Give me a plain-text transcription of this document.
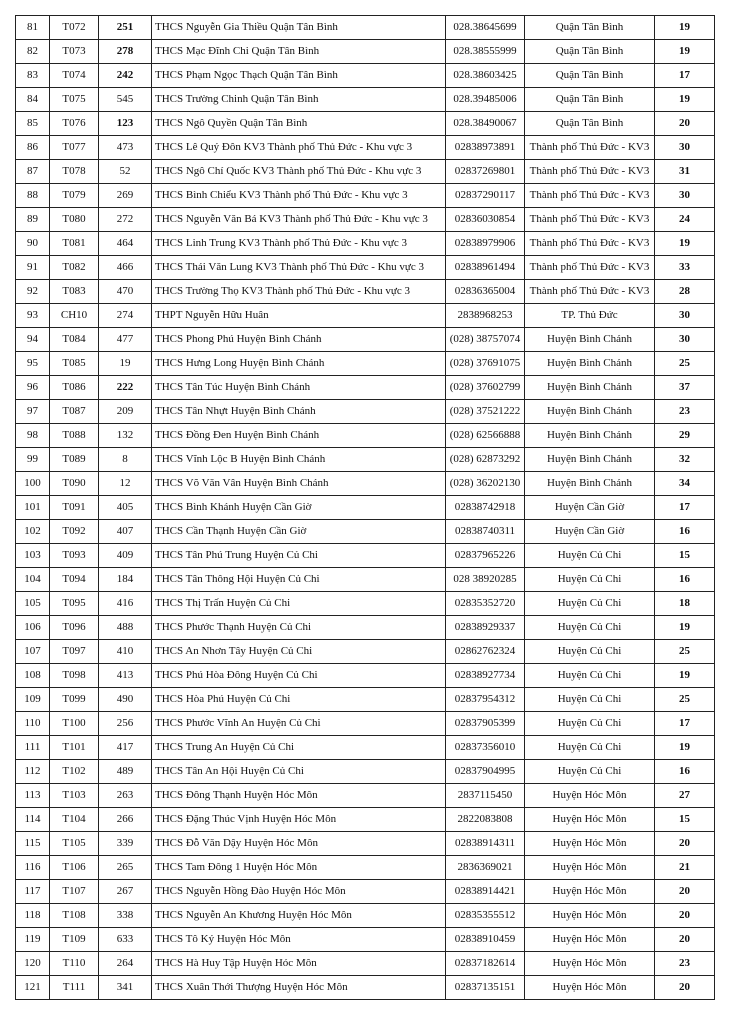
81	T072	251	THCS Nguyễn Gia Thiều Quận Tân Bình	028.38645699	Quận Tân Bình	19
82	T073	278	THCS Mạc Đĩnh Chi Quận Tân Bình	028.38555999	Quận Tân Bình	19
83	T074	242	THCS Phạm Ngọc Thạch Quận Tân Bình	028.38603425	Quận Tân Bình	17
84	T075	545	THCS Trường Chinh Quận Tân Bình	028.39485006	Quận Tân Bình	19
85	T076	123	THCS Ngô Quyền Quận Tân Bình	028.38490067	Quận Tân Bình	20
86	T077	473	THCS Lê Quý Đôn KV3 Thành phố Thủ Đức - Khu vực 3	02838973891	Thành phố Thủ Đức - KV3	30
87	T078	52	THCS Ngô Chí Quốc KV3 Thành phố Thủ Đức - Khu vực 3	02837269801	Thành phố Thủ Đức - KV3	31
88	T079	269	THCS Bình Chiểu KV3 Thành phố Thủ Đức - Khu vực 3	02837290117	Thành phố Thủ Đức - KV3	30
89	T080	272	THCS Nguyễn Văn Bá KV3 Thành phố Thủ Đức - Khu vực 3	02836030854	Thành phố Thủ Đức - KV3	24
90	T081	464	THCS Linh Trung KV3 Thành phố Thủ Đức - Khu vực 3	02838979906	Thành phố Thủ Đức - KV3	19
91	T082	466	THCS Thái Văn Lung KV3 Thành phố Thủ Đức - Khu vực 3	02838961494	Thành phố Thủ Đức - KV3	33
92	T083	470	THCS Trường Thọ KV3 Thành phố Thủ Đức - Khu vực 3	02836365004	Thành phố Thủ Đức - KV3	28
93	CH10	274	THPT Nguyễn Hữu Huân	2838968253	TP. Thủ Đức	30
94	T084	477	THCS Phong Phú Huyện Bình Chánh	(028) 38757074	Huyện Bình Chánh	30
95	T085	19	THCS Hưng Long Huyện Bình Chánh	(028) 37691075	Huyện Bình Chánh	25
96	T086	222	THCS Tân Túc Huyện Bình Chánh	(028) 37602799	Huyện Bình Chánh	37
97	T087	209	THCS Tân Nhựt Huyện Bình Chánh	(028) 37521222	Huyện Bình Chánh	23
98	T088	132	THCS Đồng Đen Huyện Bình Chánh	(028) 62566888	Huyện Bình Chánh	29
99	T089	8	THCS Vĩnh Lộc B Huyện Bình Chánh	(028) 62873292	Huyện Bình Chánh	32
100	T090	12	THCS Võ Văn Vân Huyện Bình Chánh	(028) 36202130	Huyện Bình Chánh	34
101	T091	405	THCS Bình Khánh Huyện Cần Giờ	02838742918	Huyện Cần Giờ	17
102	T092	407	THCS Cần Thạnh Huyện Cần Giờ	02838740311	Huyện Cần Giờ	16
103	T093	409	THCS Tân Phú Trung Huyện Củ Chi	02837965226	Huyện Củ Chi	15
104	T094	184	THCS Tân Thông Hội Huyện Củ Chi	028 38920285	Huyện Củ Chi	16
105	T095	416	THCS Thị Trấn Huyện Củ Chi	02835352720	Huyện Củ Chi	18
106	T096	488	THCS Phước Thạnh Huyện Củ Chi	02838929337	Huyện Củ Chi	19
107	T097	410	THCS An Nhơn Tây Huyện Củ Chi	02862762324	Huyện Củ Chi	25
108	T098	413	THCS Phú Hòa Đông Huyện Củ Chi	02838927734	Huyện Củ Chi	19
109	T099	490	THCS Hòa Phú Huyện Củ Chi	02837954312	Huyện Củ Chi	25
110	T100	256	THCS Phước Vĩnh An Huyện Củ Chi	02837905399	Huyện Củ Chi	17
111	T101	417	THCS Trung An Huyện Củ Chi	02837356010	Huyện Củ Chi	19
112	T102	489	THCS Tân An Hội Huyện Củ Chi	02837904995	Huyện Củ Chi	16
113	T103	263	THCS Đông Thạnh Huyện Hóc Môn	2837115450	Huyện Hóc Môn	27
114	T104	266	THCS Đặng Thúc Vịnh Huyện Hóc Môn	2822083808	Huyện Hóc Môn	15
115	T105	339	THCS Đỗ Văn Dậy Huyện Hóc Môn	02838914311	Huyện Hóc Môn	20
116	T106	265	THCS Tam Đông 1 Huyện Hóc Môn	2836369021	Huyện Hóc Môn	21
117	T107	267	THCS Nguyễn Hồng Đào Huyện Hóc Môn	02838914421	Huyện Hóc Môn	20
118	T108	338	THCS Nguyễn An Khương Huyện Hóc Môn	02835355512	Huyện Hóc Môn	20
119	T109	633	THCS Tô Ký Huyện Hóc Môn	02838910459	Huyện Hóc Môn	20
120	T110	264	THCS Hà Huy Tập Huyện Hóc Môn	02837182614	Huyện Hóc Môn	23
121	T111	341	THCS Xuân Thới Thượng Huyện Hóc Môn	02837135151	Huyện Hóc Môn	20
